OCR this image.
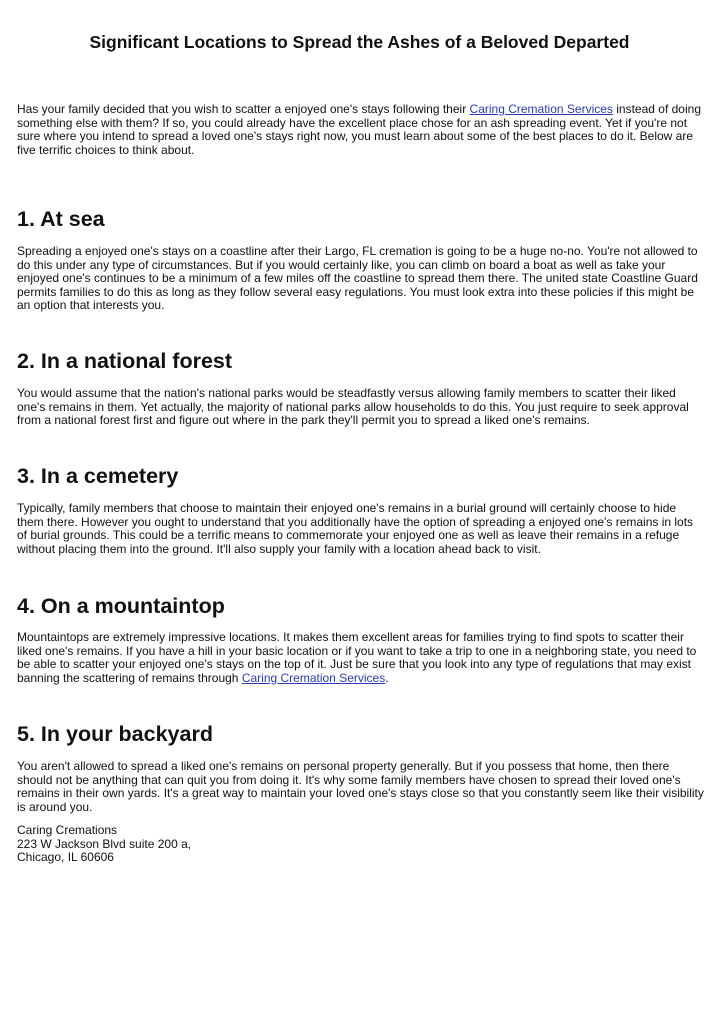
Significant Locations to Spread the Ashes of a Beloved Departed

Has your family decided that you wish to scatter a enjoyed one's stays following their Caring Cremation Services instead of doing something else with them? If so, you could already have the excellent place chose for an ash spreading event. Yet if you're not sure where you intend to spread a loved one's stays right now, you must learn about some of the best places to do it. Below are five terrific choices to think about.

1. At sea

Spreading a enjoyed one's stays on a coastline after their Largo, FL cremation is going to be a huge no-no. You're not allowed to do this under any type of circumstances. But if you would certainly like, you can climb on board a boat as well as take your enjoyed one's continues to be a minimum of a few miles off the coastline to spread them there. The united state Coastline Guard permits families to do this as long as they follow several easy regulations. You must look extra into these policies if this might be an option that interests you.

2. In a national forest

You would assume that the nation's national parks would be steadfastly versus allowing family members to scatter their liked one's remains in them. Yet actually, the majority of national parks allow households to do this. You just require to seek approval from a national forest first and figure out where in the park they'll permit you to spread a liked one's remains.

3. In a cemetery

Typically, family members that choose to maintain their enjoyed one's remains in a burial ground will certainly choose to hide them there. However you ought to understand that you additionally have the option of spreading a enjoyed one's remains in lots of burial grounds. This could be a terrific means to commemorate your enjoyed one as well as leave their remains in a refuge without placing them into the ground. It'll also supply your family with a location ahead back to visit.

4. On a mountaintop

Mountaintops are extremely impressive locations. It makes them excellent areas for families trying to find spots to scatter their liked one's remains. If you have a hill in your basic location or if you want to take a trip to one in a neighboring state, you need to be able to scatter your enjoyed one's stays on the top of it. Just be sure that you look into any type of regulations that may exist banning the scattering of remains through Caring Cremation Services.

5. In your backyard

You aren't allowed to spread a liked one's remains on personal property generally. But if you possess that home, then there should not be anything that can quit you from doing it. It's why some family members have chosen to spread their loved one's remains in their own yards. It's a great way to maintain your loved one's stays close so that you constantly seem like their visibility is around you.

Caring Cremations
223 W Jackson Blvd suite 200 a,
Chicago, IL 60606
